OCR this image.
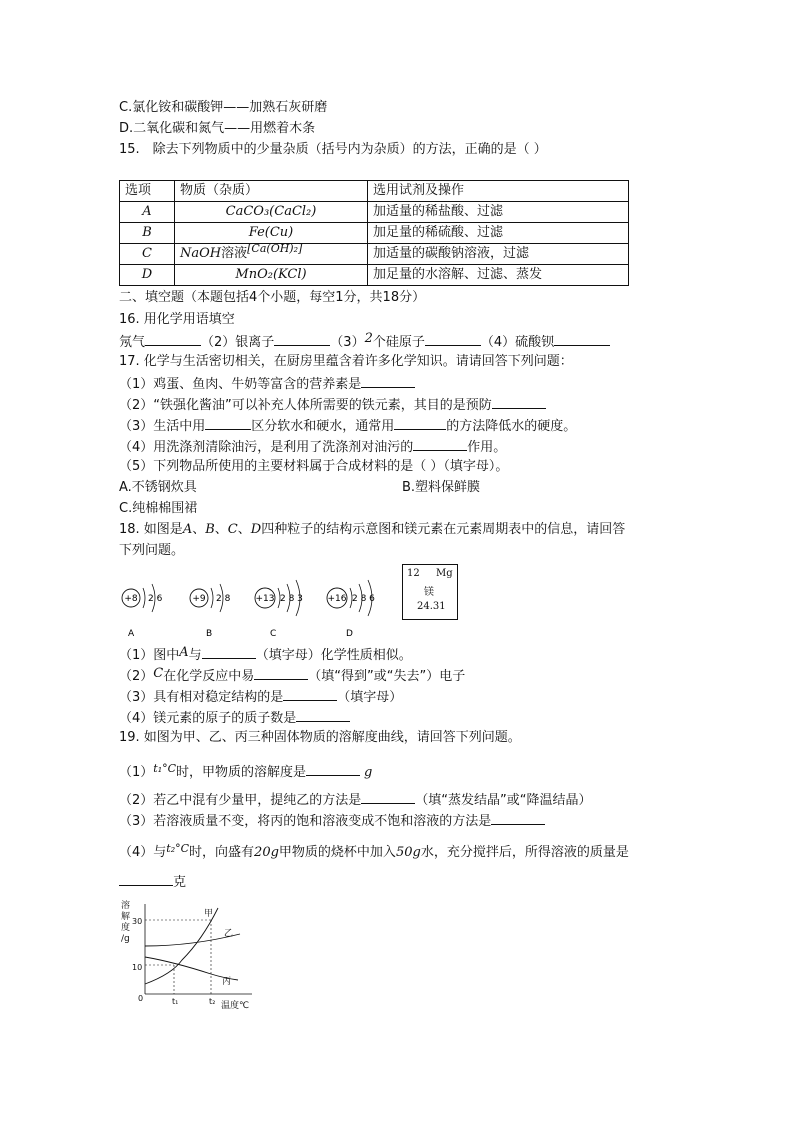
C.氯化铵和碳酸钾——加熟石灰研磨
D.二氧化碳和氮气——用燃着木条
15.　除去下列物质中的少量杂质（括号内为杂质）的方法，正确的是（ ）
选项	物质（杂质）	选用试剂及操作
A	CaCO₃(CaCl₂)	加适量的稀盐酸、过滤
B	Fe(Cu)	加足量的稀硫酸、过滤
C	NaOH溶液[Ca(OH)₂]	加适量的碳酸钠溶液，过滤
D	MnO₂(KCl)	加足量的水溶解、过滤、蒸发
二、填空题（本题包括4个小题，每空1分，共18分）
16. 用化学用语填空
氖气	（2）银离子	（3）2个硅原子	（4）硫酸钡
17. 化学与生活密切相关，在厨房里蕴含着许多化学知识。请请回答下列问题：
（1）鸡蛋、鱼肉、牛奶等富含的营养素是
（2）“铁强化酱油”可以补充人体所需要的铁元素，其目的是预防
（3）生活中用	区分软水和硬水，通常用	的方法降低水的硬度。
（4）用洗涤剂清除油污，是利用了洗涤剂对油污的	作用。
（5）下列物品所使用的主要材料属于合成材料的是（ ）（填字母）。
A.不锈钢炊具	B.塑料保鲜膜
C.纯棉棉围裙
18. 如图是A、B、C、D四种粒子的结构示意图和镁元素在元素周期表中的信息，请回答
下列问题。
+8 2 6
A
+9 2 8
B
+13 2 8 3
C
+16 2 8 6
D
12 Mg
镁
24.31
（1）图中A与	（填字母）化学性质相似。
（2）C在化学反应中易	（填“得到”或“失去”）电子
（3）具有相对稳定结构的是	（填字母）
（4）镁元素的原子的质子数是
19. 如图为甲、乙、丙三种固体物质的溶解度曲线，请回答下列问题。
$(1)^{t_1^\circ C}$时，甲物质的溶解度是	g
（2）若乙中混有少量甲，提纯乙的方法是	（填“蒸发结晶”或“降温结晶）
（3）若溶液质量不变，将丙的饱和溶液变成不饱和溶液的方法是
（4）与$^{t_2^\circ C}$时，向盛有20g甲物质的烧杯中加入50g水，充分搅拌后，所得溶液的质量是
克
溶
解
度
/g
30
10
0	t₁	t₂ 温度℃
甲
乙
丙
